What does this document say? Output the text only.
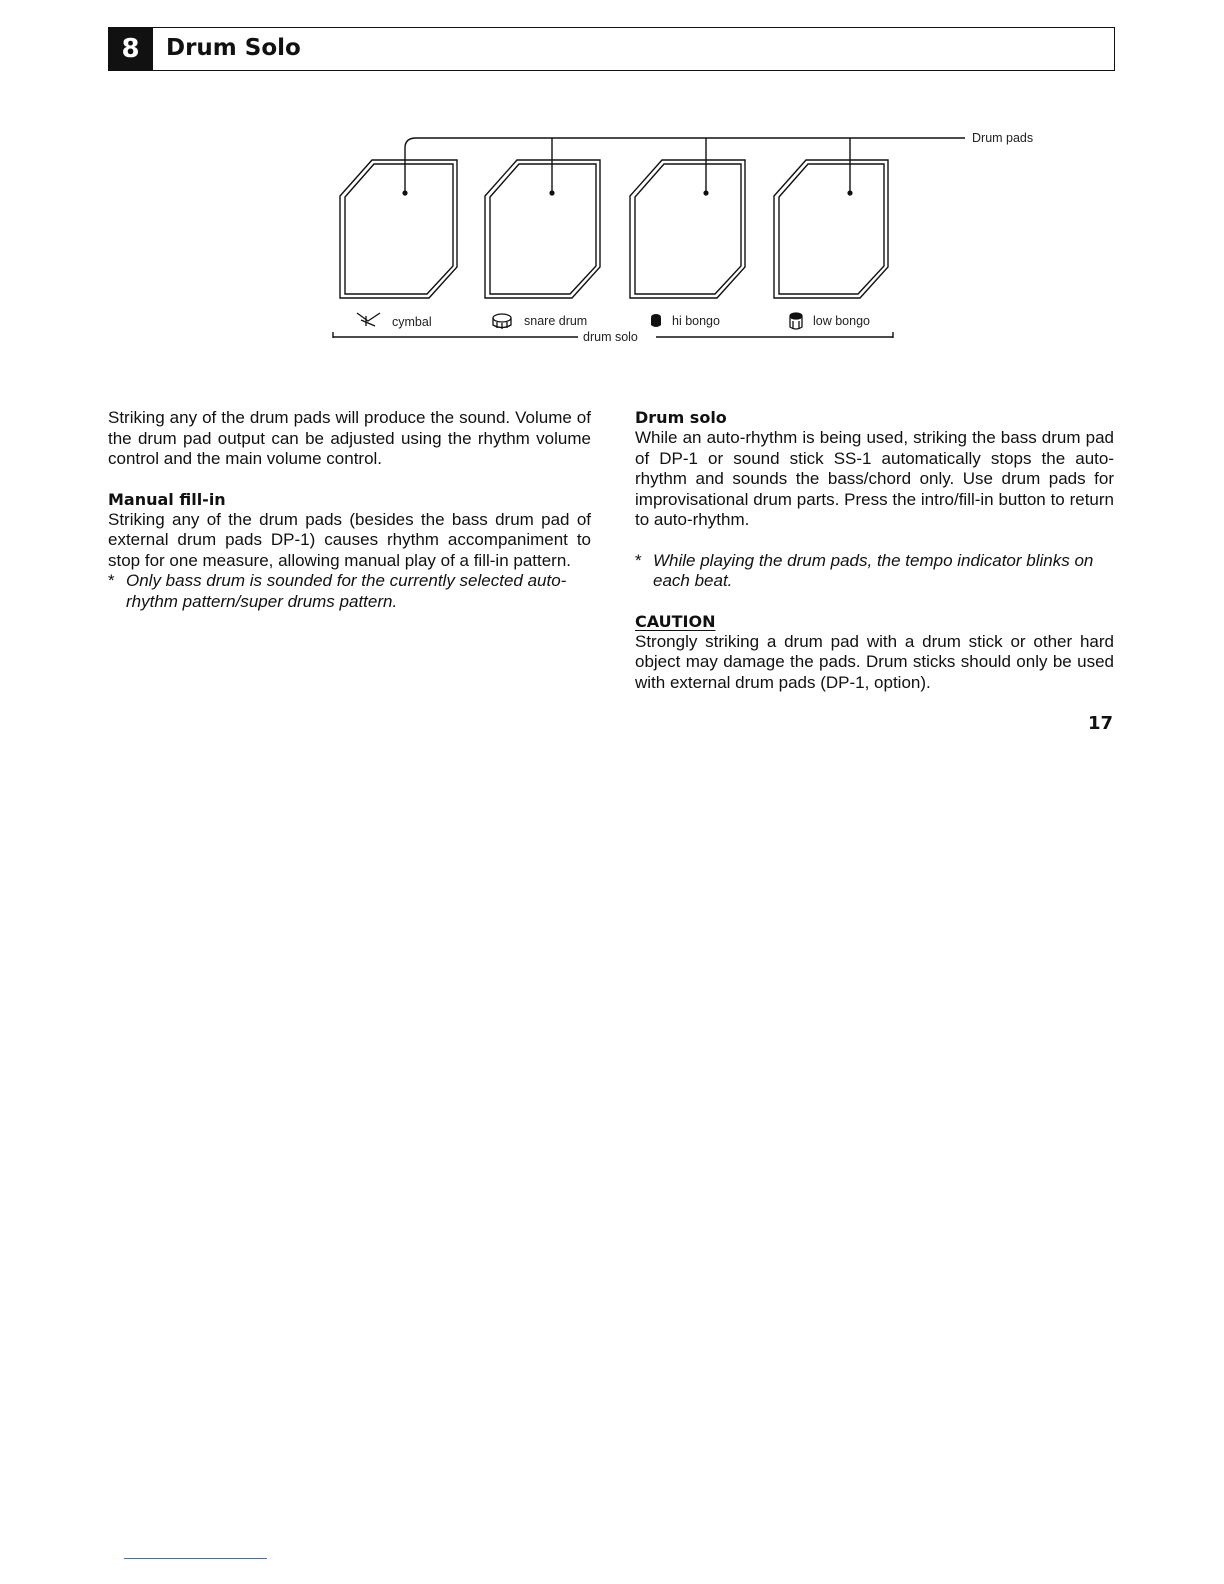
8	Drum Solo
Drum pads
cymbal	snare drum	hi bongo	low bongo
drum solo

Striking any of the drum pads will produce the sound. Volume of the drum pad output can be adjusted using the rhythm volume control and the main volume control.

Manual fill-in

Striking any of the drum pads (besides the bass drum pad of external drum pads DP-1) causes rhythm accompaniment to stop for one measure, allowing manual play of a fill-in pattern.

* Only bass drum is sounded for the currently selected auto-rhythm pattern/super drums pattern.
Drum solo

While an auto-rhythm is being used, striking the bass drum pad of DP-1 or sound stick SS-1 automatically stops the auto-rhythm and sounds the bass/chord only. Use drum pads for improvisational drum parts. Press the intro/fill-in button to return to auto-rhythm.

* While playing the drum pads, the tempo indicator blinks on each beat.
CAUTION

Strongly striking a drum pad with a drum stick or other hard object may damage the pads. Drum sticks should only be used with external drum pads (DP-1, option).

17
